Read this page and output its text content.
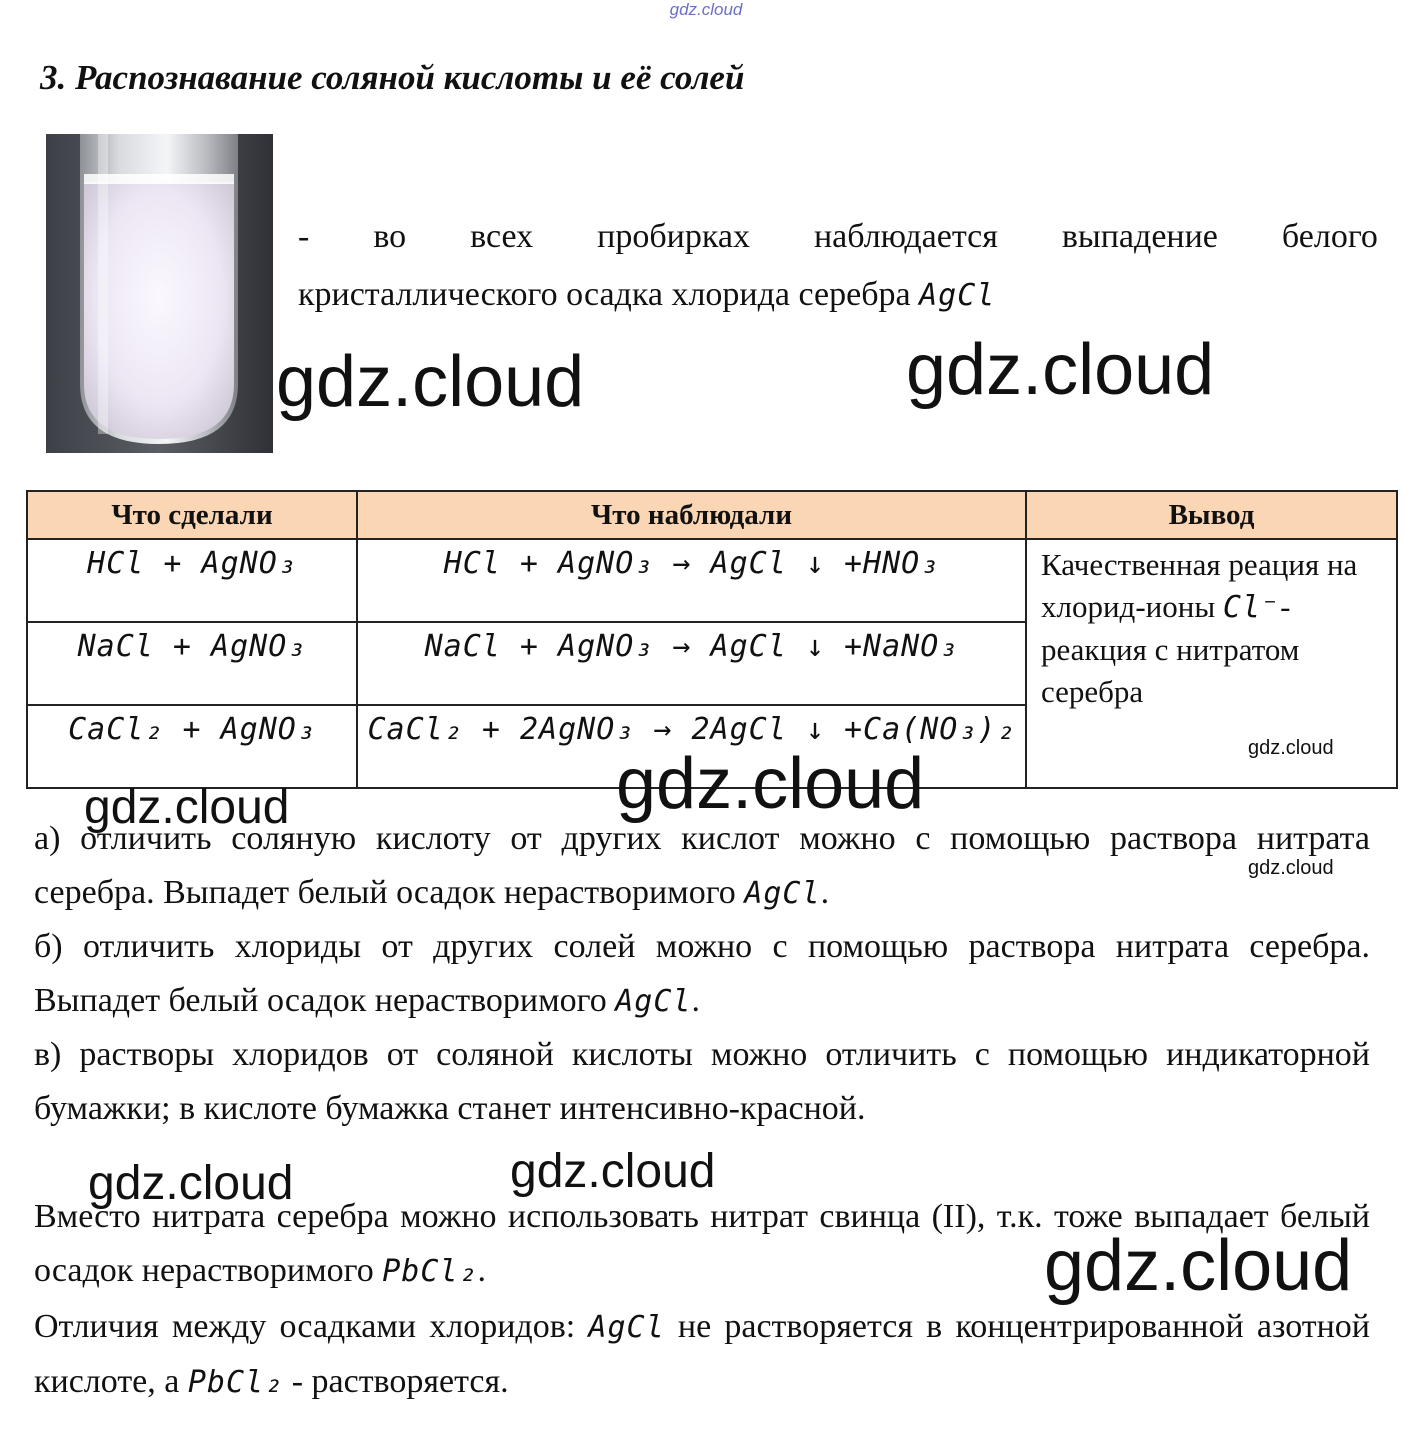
gdz.cloud
3. Распознавание соляной кислоты и её солей
- во всех пробирках наблюдается выпадение белого
кристаллического осадка хлорида серебра AgCl
gdz.cloud	gdz.cloud
Что сделали	Что наблюдали	Вывод
HCl + AgNO₃	HCl + AgNO₃ → AgCl ↓ +HNO₃	Качественная реация на хлорид-ионы Cl⁻- реакция с нитратом серебра
NaCl + AgNO₃	NaCl + AgNO₃ → AgCl ↓ +NaNO₃	
CaCl₂ + AgNO₃	CaCl₂ + 2AgNO₃ → 2AgCl ↓ +Ca(NO₃)₂	
gdz.cloud
gdz.cloud
gdz.cloud
а) отличить соляную кислоту от других кислот можно с помощью раствора нитрата серебра. Выпадет белый осадок нерастворимого AgCl.
gdz.cloud
б) отличить хлориды от других солей можно с помощью раствора нитрата серебра. Выпадет белый осадок нерастворимого AgCl.
в) растворы хлоридов от соляной кислоты можно отличить с помощью индикаторной бумажки; в кислоте бумажка станет интенсивно-красной.
gdz.cloud
gdz.cloud
Вместо нитрата серебра можно использовать нитрат свинца (II), т.к. тоже выпадает белый осадок нерастворимого PbCl₂.	gdz.cloud
Отличия между осадками хлоридов: AgCl не растворяется в концентрированной азотной кислоте, а PbCl₂ - растворяется.
